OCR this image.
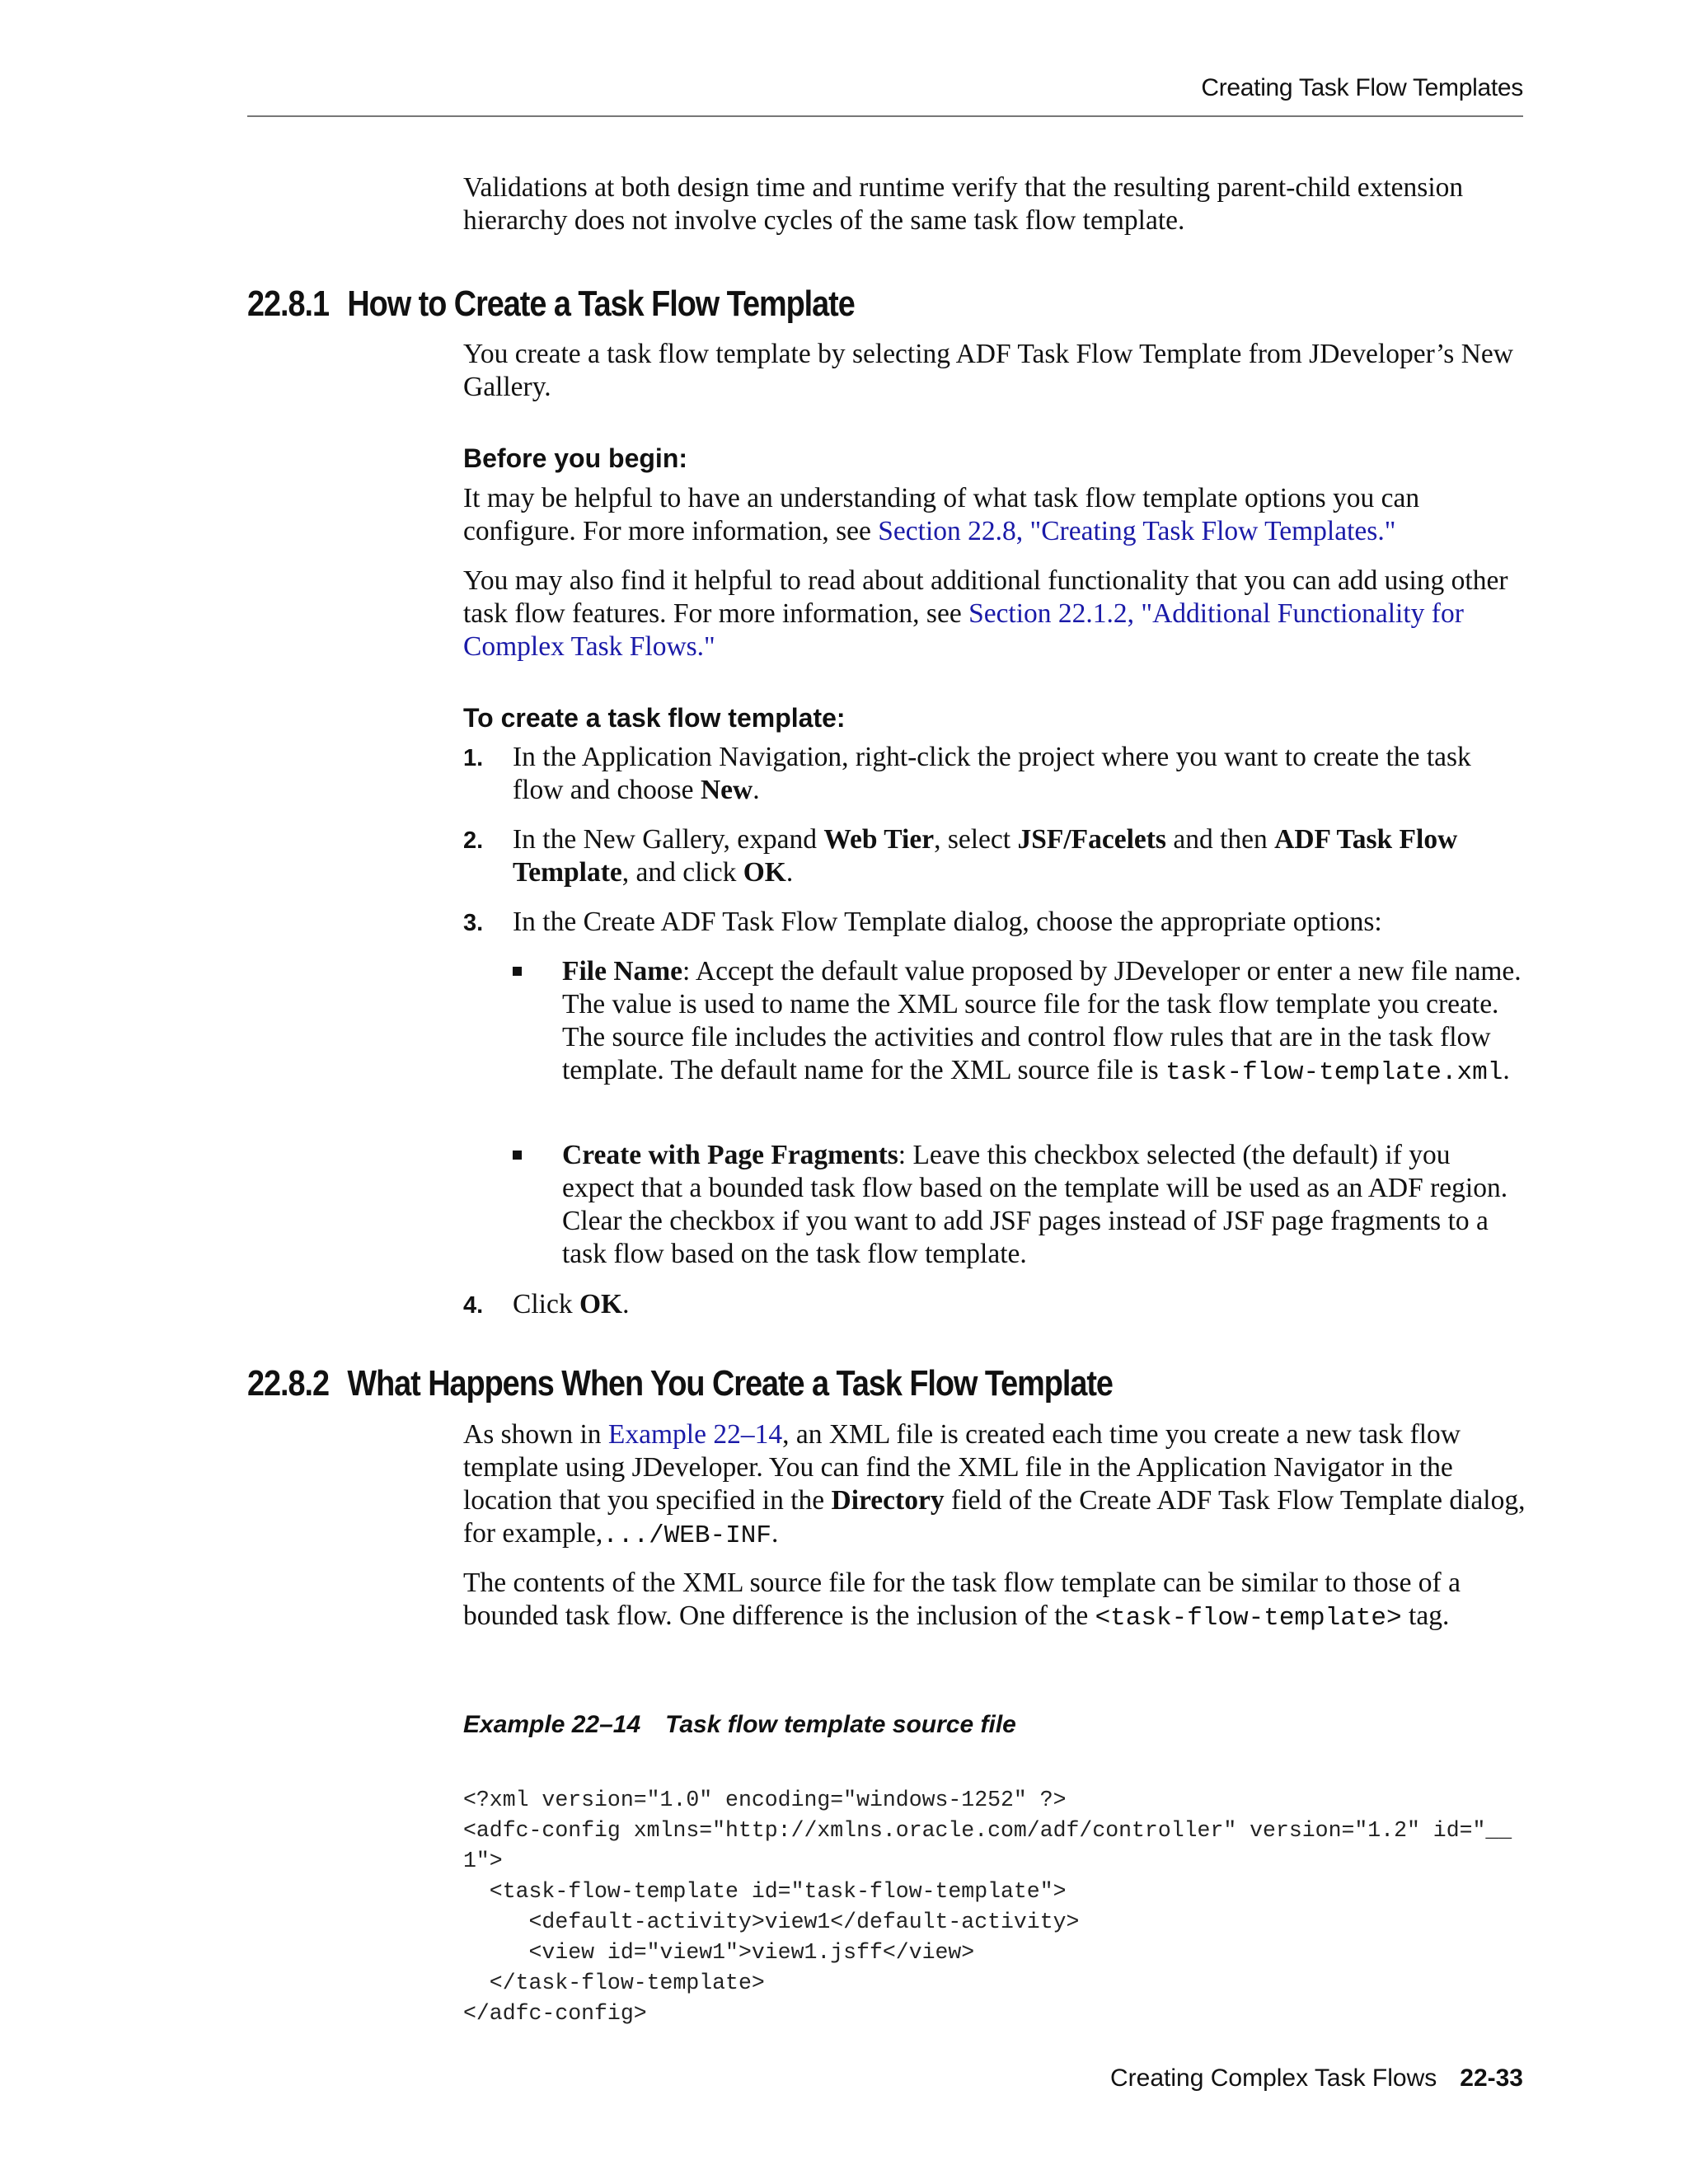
Creating Task Flow Templates

Validations at both design time and runtime verify that the resulting parent-child extension hierarchy does not involve cycles of the same task flow template.

22.8.1 How to Create a Task Flow Template

You create a task flow template by selecting ADF Task Flow Template from JDeveloper’s New Gallery.

Before you begin:

It may be helpful to have an understanding of what task flow template options you can configure. For more information, see Section 22.8, "Creating Task Flow Templates."

You may also find it helpful to read about additional functionality that you can add using other task flow features. For more information, see Section 22.1.2, "Additional Functionality for Complex Task Flows."

To create a task flow template:
1. In the Application Navigation, right-click the project where you want to create the task flow and choose New.
2. In the New Gallery, expand Web Tier, select JSF/Facelets and then ADF Task Flow Template, and click OK.
3. In the Create ADF Task Flow Template dialog, choose the appropriate options:
File Name: Accept the default value proposed by JDeveloper or enter a new file name. The value is used to name the XML source file for the task flow template you create. The source file includes the activities and control flow rules that are in the task flow template. The default name for the XML source file is task-flow-template.xml.
Create with Page Fragments: Leave this checkbox selected (the default) if you expect that a bounded task flow based on the template will be used as an ADF region. Clear the checkbox if you want to add JSF pages instead of JSF page fragments to a task flow based on the task flow template.
4. Click OK.
22.8.2 What Happens When You Create a Task Flow Template

As shown in Example 22–14, an XML file is created each time you create a new task flow template using JDeveloper. You can find the XML file in the Application Navigator in the location that you specified in the Directory field of the Create ADF Task Flow Template dialog, for example,.../WEB-INF.

The contents of the XML source file for the task flow template can be similar to those of a bounded task flow. One difference is the inclusion of the <task-flow-template> tag.

Example 22–14 Task flow template source file

<?xml version="1.0" encoding="windows-1252" ?>
<adfc-config xmlns="http://xmlns.oracle.com/adf/controller" version="1.2" id="__
1">
<task-flow-template id="task-flow-template">
<default-activity>view1</default-activity>
<view id="view1">view1.jsff</view>
</task-flow-template>
</adfc-config>

Creating Complex Task Flows 22-33
